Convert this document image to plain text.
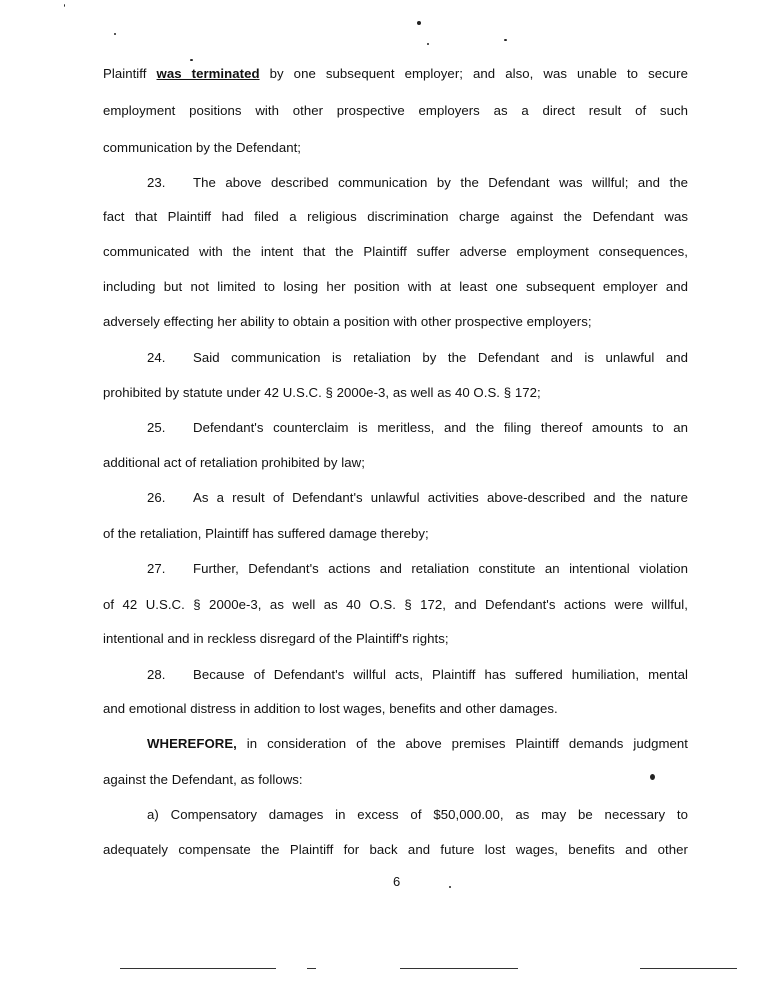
Plaintiff was terminated by one subsequent employer; and also, was unable to secure
employment positions with other prospective employers as a direct result of such
communication by the Defendant;
23. The above described communication by the Defendant was willful; and the
fact that Plaintiff had filed a religious discrimination charge against the Defendant was
communicated with the intent that the Plaintiff suffer adverse employment consequences,
including but not limited to losing her position with at least one subsequent employer and
adversely effecting her ability to obtain a position with other prospective employers;
24. Said communication is retaliation by the Defendant and is unlawful and
prohibited by statute under 42 U.S.C. § 2000e-3, as well as 40 O.S. § 172;
25. Defendant's counterclaim is meritless, and the filing thereof amounts to an
additional act of retaliation prohibited by law;
26. As a result of Defendant's unlawful activities above-described and the nature
of the retaliation, Plaintiff has suffered damage thereby;
27. Further, Defendant's actions and retaliation constitute an intentional violation
of 42 U.S.C. § 2000e-3, as well as 40 O.S. § 172, and Defendant's actions were willful,
intentional and in reckless disregard of the Plaintiff's rights;
28. Because of Defendant's willful acts, Plaintiff has suffered humiliation, mental
and emotional distress in addition to lost wages, benefits and other damages.
WHEREFORE, in consideration of the above premises Plaintiff demands judgment
against the Defendant, as follows:
a) Compensatory damages in excess of $50,000.00, as may be necessary to
adequately compensate the Plaintiff for back and future lost wages, benefits and other
6
